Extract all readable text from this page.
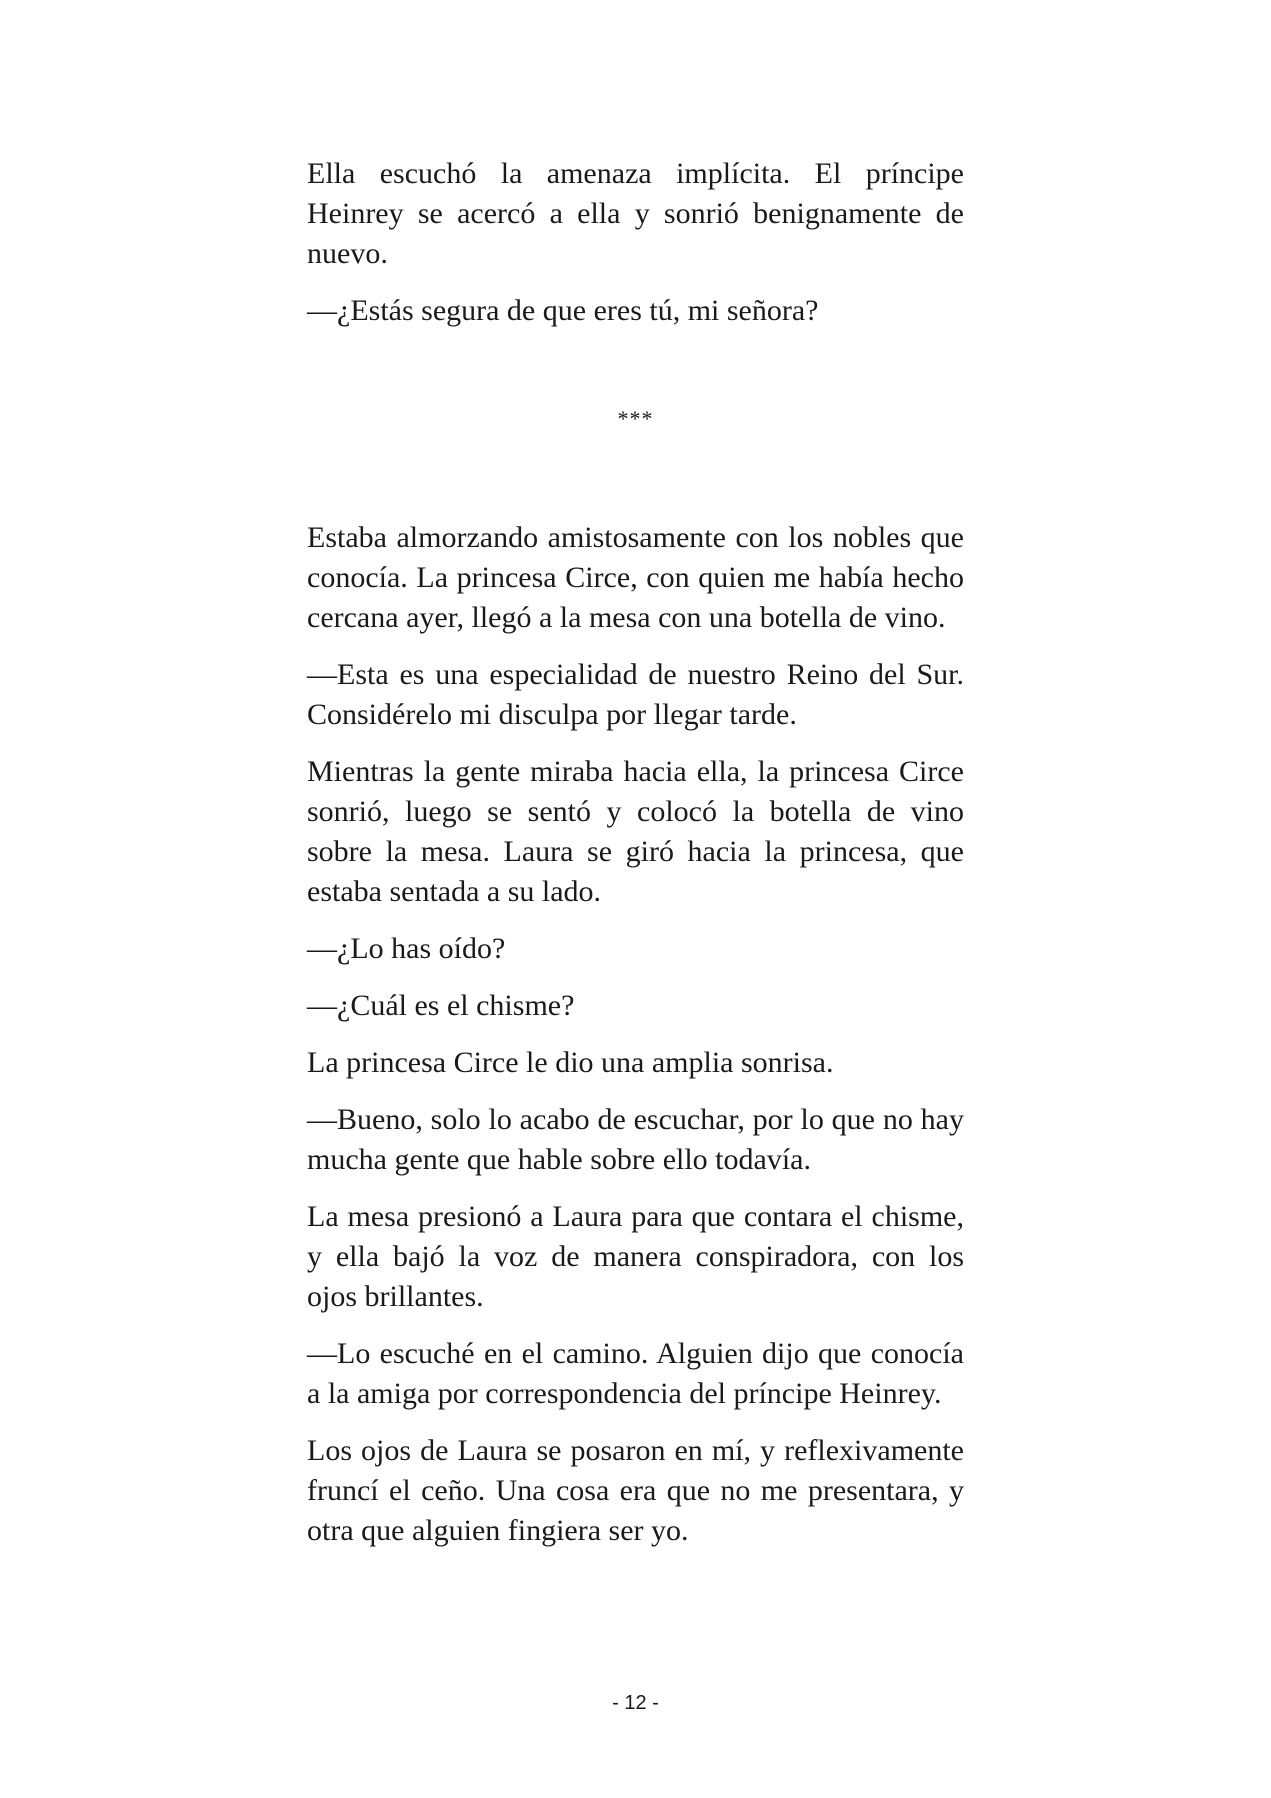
Ella escuchó la amenaza implícita. El príncipe Heinrey se acercó a ella y sonrió benignamente de nuevo.

—¿Estás segura de que eres tú, mi señora?

***

Estaba almorzando amistosamente con los nobles que conocía. La princesa Circe, con quien me había hecho cercana ayer, llegó a la mesa con una botella de vino.

—Esta es una especialidad de nuestro Reino del Sur. Considérelo mi disculpa por llegar tarde.

Mientras la gente miraba hacia ella, la princesa Circe sonrió, luego se sentó y colocó la botella de vino sobre la mesa. Laura se giró hacia la princesa, que estaba sentada a su lado.

—¿Lo has oído?

—¿Cuál es el chisme?

La princesa Circe le dio una amplia sonrisa.

—Bueno, solo lo acabo de escuchar, por lo que no hay mucha gente que hable sobre ello todavía.

La mesa presionó a Laura para que contara el chisme, y ella bajó la voz de manera conspiradora, con los ojos brillantes.

—Lo escuché en el camino. Alguien dijo que conocía a la amiga por correspondencia del príncipe Heinrey.

Los ojos de Laura se posaron en mí, y reflexivamente fruncí el ceño. Una cosa era que no me presentara, y otra que alguien fingiera ser yo.

- 12 -
